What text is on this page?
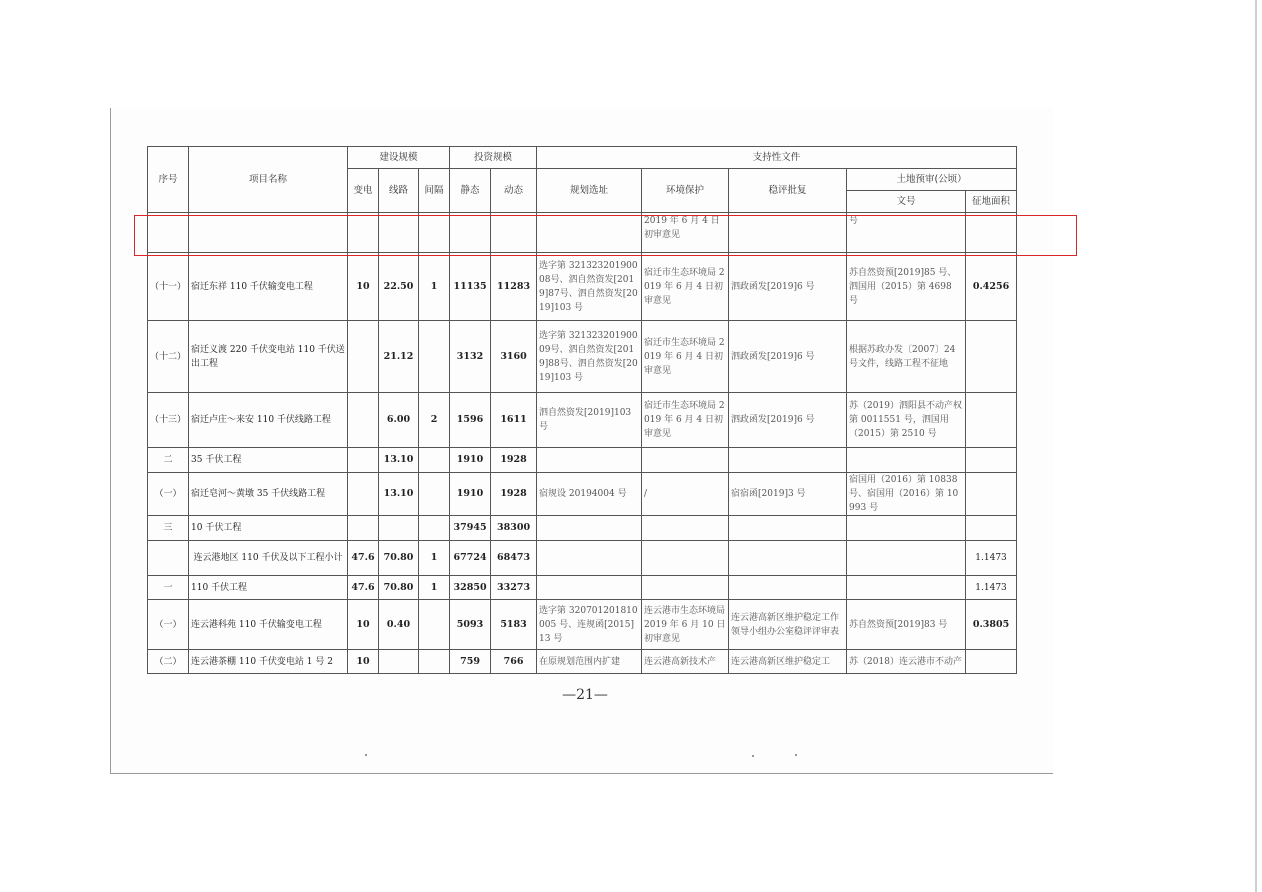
序号	项目名称	建设规模			投资规模		支持性文件				
		变电	线路	间隔	静态	动态	规划选址	环境保护	稳评批复	土地预审(公顷）	
										文号	征地面积
								2019 年 6 月 4 日初审意见		号	
（十一）	宿迁东祥 110 千伏输变电工程	10	22.50	1	11135	11283	选字第 32132320190008号、泗自然资发[2019]87号、泗自然资发[2019]103 号	宿迁市生态环境局 2019 年 6 月 4 日初审意见	泗政函发[2019]6 号	苏自然资预[2019]85 号、泗国用（2015）第 4698 号	0.4256
（十二）	宿迁义渡 220 千伏变电站 110 千伏送出工程		21.12		3132	3160	选字第 32132320190009号、泗自然资发[2019]88号、泗自然资发[2019]103 号	宿迁市生态环境局 2019 年 6 月 4 日初审意见	泗政函发[2019]6 号	根据苏政办发〔2007〕24号文件，线路工程不征地	
（十三）	宿迁卢庄～来安 110 千伏线路工程		6.00	2	1596	1611	泗自然资发[2019]103号	宿迁市生态环境局 2019 年 6 月 4 日初审意见	泗政函发[2019]6 号	苏（2019）泗阳县不动产权第 0011551 号，泗国用（2015）第 2510 号	
二	35 千伏工程		13.10		1910	1928					
（一）	宿迁皂河～黄墩 35 千伏线路工程		13.10		1910	1928	宿规设 20194004 号	/	宿宿函[2019]3 号	宿国用（2016）第 10838 号、宿国用（2016）第 10993 号	
三	10 千伏工程				37945	38300					
	连云港地区 110 千伏及以下工程小计	47.6	70.80	1	67724	68473					1.1473
一	110 千伏工程	47.6	70.80	1	32850	33273					1.1473
（一）	连云港科苑 110 千伏输变电工程	10	0.40		5093	5183	选字第 320701201810005 号、连规函[2015]13 号	连云港市生态环境局 2019 年 6 月 10 日初审意见	连云港高新区维护稳定工作领导小组办公室稳评评审表	苏自然资预[2019]83 号	0.3805
（二）	连云港茶棚 110 千伏变电站 1 号 2	10			759	766	在原规划范围内扩建	连云港高新技术产	连云港高新区维护稳定工	苏（2018）连云港市不动产	
—21—
